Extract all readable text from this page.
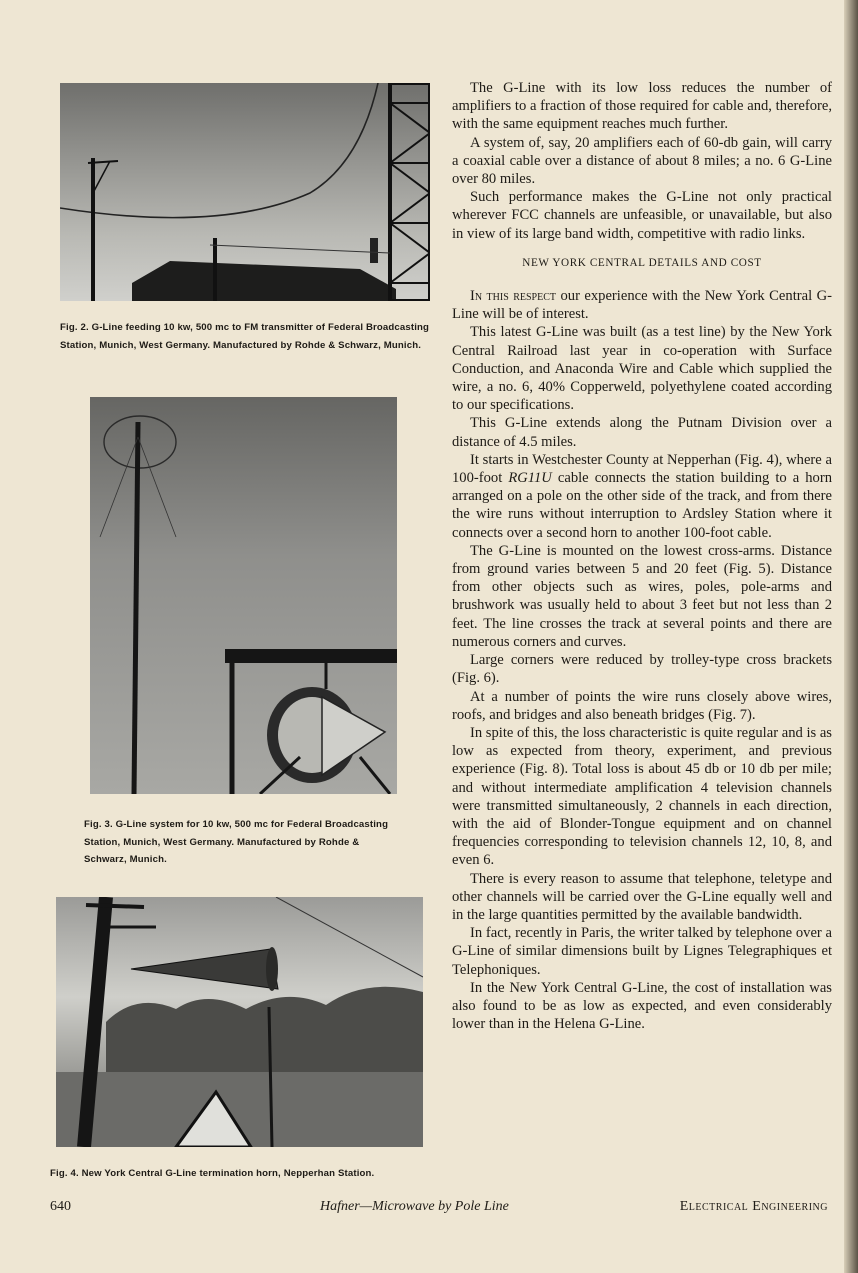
Fig. 2. G-Line feeding 10 kw, 500 mc to FM transmitter of Federal Broadcasting Station, Munich, West Germany. Manufactured by Rohde & Schwarz, Munich.

Fig. 3. G-Line system for 10 kw, 500 mc for Federal Broadcasting Station, Munich, West Germany. Manufactured by Rohde & Schwarz, Munich.

Fig. 4. New York Central G-Line termination horn, Nepperhan Station.

The G-Line with its low loss reduces the number of amplifiers to a fraction of those required for cable and, therefore, with the same equipment reaches much further.

A system of, say, 20 amplifiers each of 60-db gain, will carry a coaxial cable over a distance of about 8 miles; a no. 6 G-Line over 80 miles.

Such performance makes the G-Line not only practical wherever FCC channels are unfeasible, or unavailable, but also in view of its large band width, competitive with radio links.

NEW YORK CENTRAL DETAILS AND COST

In this respect our experience with the New York Central G-Line will be of interest.

This latest G-Line was built (as a test line) by the New York Central Railroad last year in co-operation with Surface Conduction, and Anaconda Wire and Cable which supplied the wire, a no. 6, 40% Copperweld, polyethylene coated according to our specifications.

This G-Line extends along the Putnam Division over a distance of 4.5 miles.

It starts in Westchester County at Nepperhan (Fig. 4), where a 100-foot RG11U cable connects the station building to a horn arranged on a pole on the other side of the track, and from there the wire runs without interruption to Ardsley Station where it connects over a second horn to another 100-foot cable.

The G-Line is mounted on the lowest cross-arms. Distance from ground varies between 5 and 20 feet (Fig. 5). Distance from other objects such as wires, poles, pole-arms and brushwork was usually held to about 3 feet but not less than 2 feet. The line crosses the track at several points and there are numerous corners and curves.

Large corners were reduced by trolley-type cross brackets (Fig. 6).

At a number of points the wire runs closely above wires, roofs, and bridges and also beneath bridges (Fig. 7).

In spite of this, the loss characteristic is quite regular and is as low as expected from theory, experiment, and previous experience (Fig. 8). Total loss is about 45 db or 10 db per mile; and without intermediate amplification 4 television channels were transmitted simultaneously, 2 channels in each direction, with the aid of Blonder-Tongue equipment and on channel frequencies corresponding to television channels 12, 10, 8, and even 6.

There is every reason to assume that telephone, teletype and other channels will be carried over the G-Line equally well and in the large quantities permitted by the available bandwidth.

In fact, recently in Paris, the writer talked by telephone over a G-Line of similar dimensions built by Lignes Telegraphiques et Telephoniques.

In the New York Central G-Line, the cost of installation was also found to be as low as expected, and even considerably lower than in the Helena G-Line.

640	Hafner—Microwave by Pole Line	Electrical Engineering
